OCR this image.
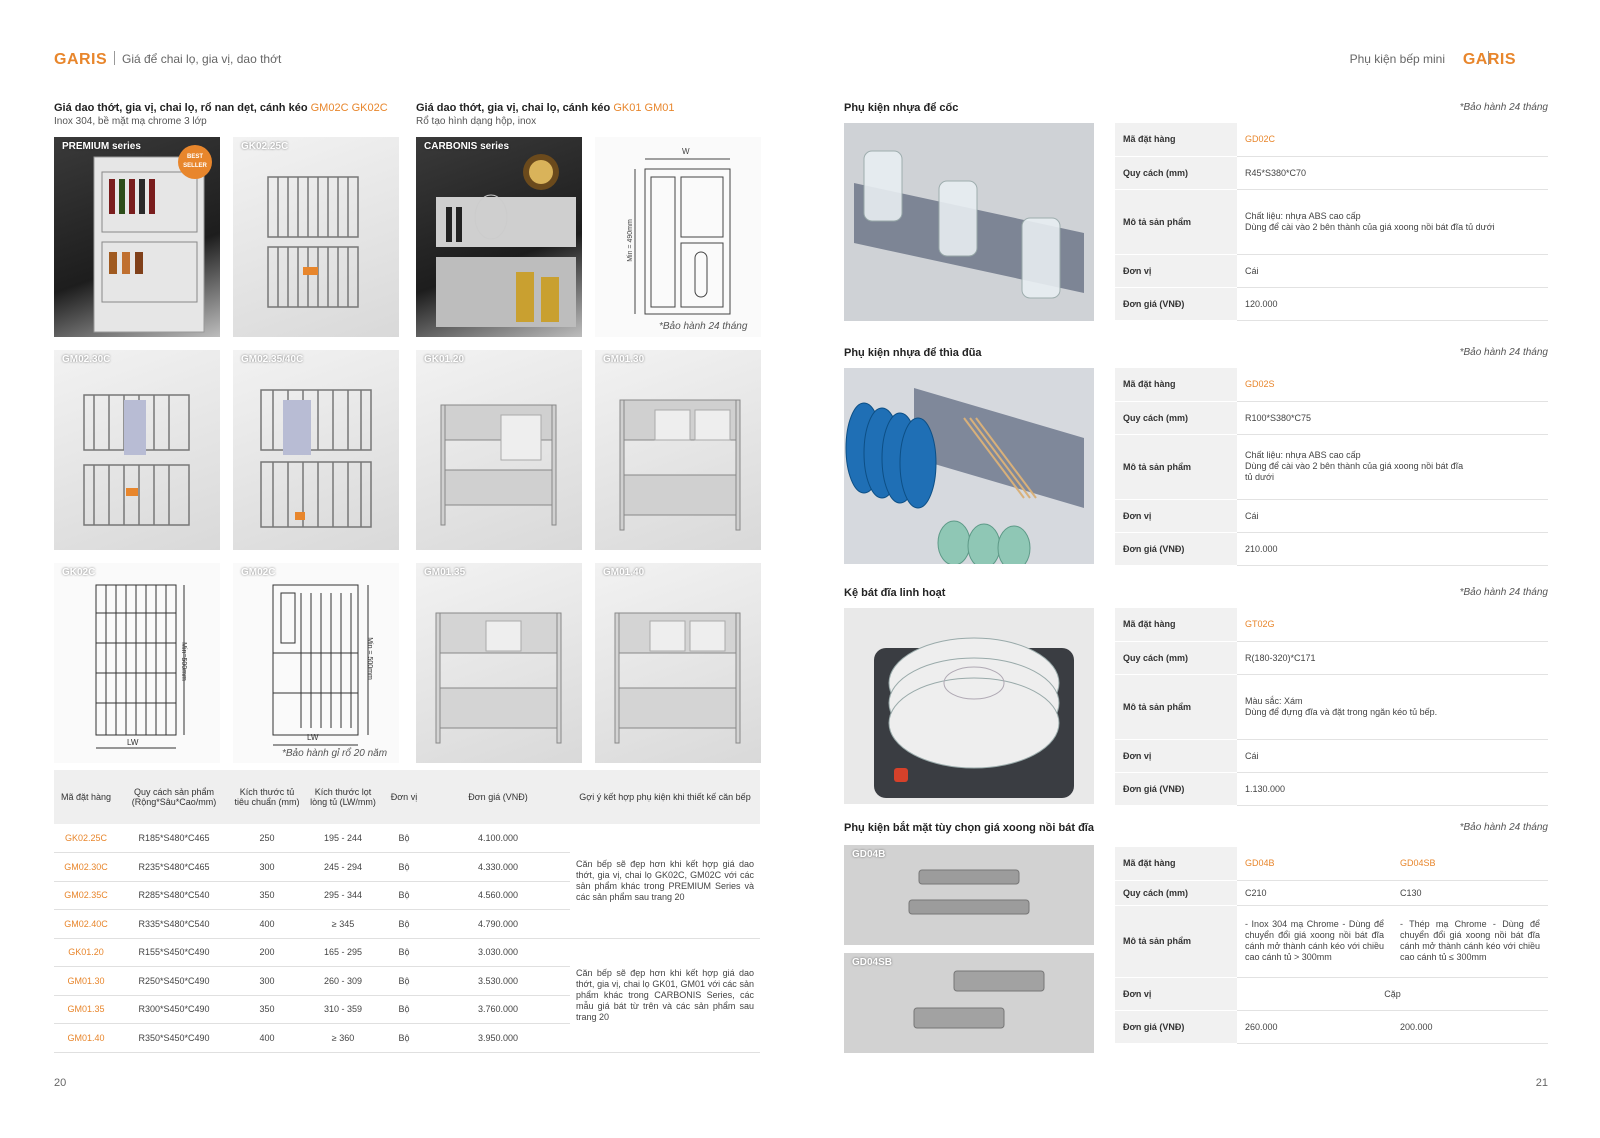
GARIS Giá để chai lọ, gia vị, dao thớt	Phụ kiện bếp mini GARIS
Giá dao thớt, gia vị, chai lọ, rổ nan dẹt, cánh kéo GM02C GK02C
Inox 304, bề mặt mạ chrome 3 lớp
Giá dao thớt, gia vị, chai lọ, cánh kéo GK01 GM01
Rổ tạo hình dạng hộp, inox
PREMIUM series
BEST SELLER
GK02.25C	CARBONIS series	W
Min = 490mm
*Bảo hành 24 tháng
GM02.30C	GM02.35/40C	GK01.20	GM01.30
GK02C
LW
Min=500mm
GM02C
LW
Min = 500mm
*Bảo hành gỉ rổ 20 năm
GM01.35	GM01.40
Mã đặt hàng	Quy cách sản phẩm (Rộng*Sâu*Cao/mm)	Kích thước tủ tiêu chuẩn (mm)	Kích thước lọt lòng tủ (LW/mm)	Đơn vị	Đơn giá (VNĐ)	Gợi ý kết hợp phụ kiện khi thiết kế căn bếp
GK02.25C	R185*S480*C465	250	195 - 244	Bộ	4.100.000	Căn bếp sẽ đẹp hơn khi kết hợp giá dao thớt, gia vị, chai lọ GK02C, GM02C với các sản phẩm khác trong PREMIUM Series và các sản phẩm sau trang 20
GM02.30C	R235*S480*C465	300	245 - 294	Bộ	4.330.000	
GM02.35C	R285*S480*C540	350	295 - 344	Bộ	4.560.000	
GM02.40C	R335*S480*C540	400	≥ 345	Bộ	4.790.000	
GK01.20	R155*S450*C490	200	165 - 295	Bộ	3.030.000	Căn bếp sẽ đẹp hơn khi kết hợp giá dao thớt, gia vị, chai lọ GK01, GM01 với các sản phẩm khác trong CARBONIS Series, các mẫu giá bát từ trên và các sản phẩm sau trang 20
GM01.30	R250*S450*C490	300	260 - 309	Bộ	3.530.000	
GM01.35	R300*S450*C490	350	310 - 359	Bộ	3.760.000	
GM01.40	R350*S450*C490	400	≥ 360	Bộ	3.950.000	
20
Phụ kiện nhựa để cốc	*Bảo hành 24 tháng
Mã đặt hàng	GD02C
Quy cách (mm)	R45*S380*C70
Mô tả sản phẩm	Chất liệu: nhựa ABS cao cấp
Dùng để cài vào 2 bên thành của giá xoong nồi bát đĩa tủ dưới

Đơn vị	Cái
Đơn giá (VNĐ)	120.000
Phụ kiện nhựa để thìa đũa	*Bảo hành 24 tháng
Mã đặt hàng	GD02S
Quy cách (mm)	R100*S380*C75
Mô tả sản phẩm	Chất liệu: nhựa ABS cao cấp
Dùng để cài vào 2 bên thành của giá xoong nồi bát đĩa
tủ dưới

Đơn vị	Cái
Đơn giá (VNĐ)	210.000
Kệ bát đĩa linh hoạt	*Bảo hành 24 tháng
Mã đặt hàng	GT02G
Quy cách (mm)	R(180-320)*C171
Mô tả sản phẩm	Màu sắc: Xám
Dùng để đựng đĩa và đặt trong ngăn kéo tủ bếp.

Đơn vị	Cái
Đơn giá (VNĐ)	1.130.000
Phụ kiện bắt mặt tùy chọn giá xoong nồi bát đĩa	*Bảo hành 24 tháng
GD04B
GD04SB
Mã đặt hàng	GD04B	GD04SB
Quy cách (mm)	C210	C130
Mô tả sản phẩm	- Inox 304 mạ Chrome - Dùng để chuyển đổi giá xoong nồi bát đĩa cánh mở thành cánh kéo với chiều cao cánh tủ > 300mm	- Thép mạ Chrome - Dùng để chuyển đổi giá xoong nồi bát đĩa cánh mở thành cánh kéo với chiều cao cánh tủ ≤ 300mm
Đơn vị	Cặp	
Đơn giá (VNĐ)	260.000	200.000
21
